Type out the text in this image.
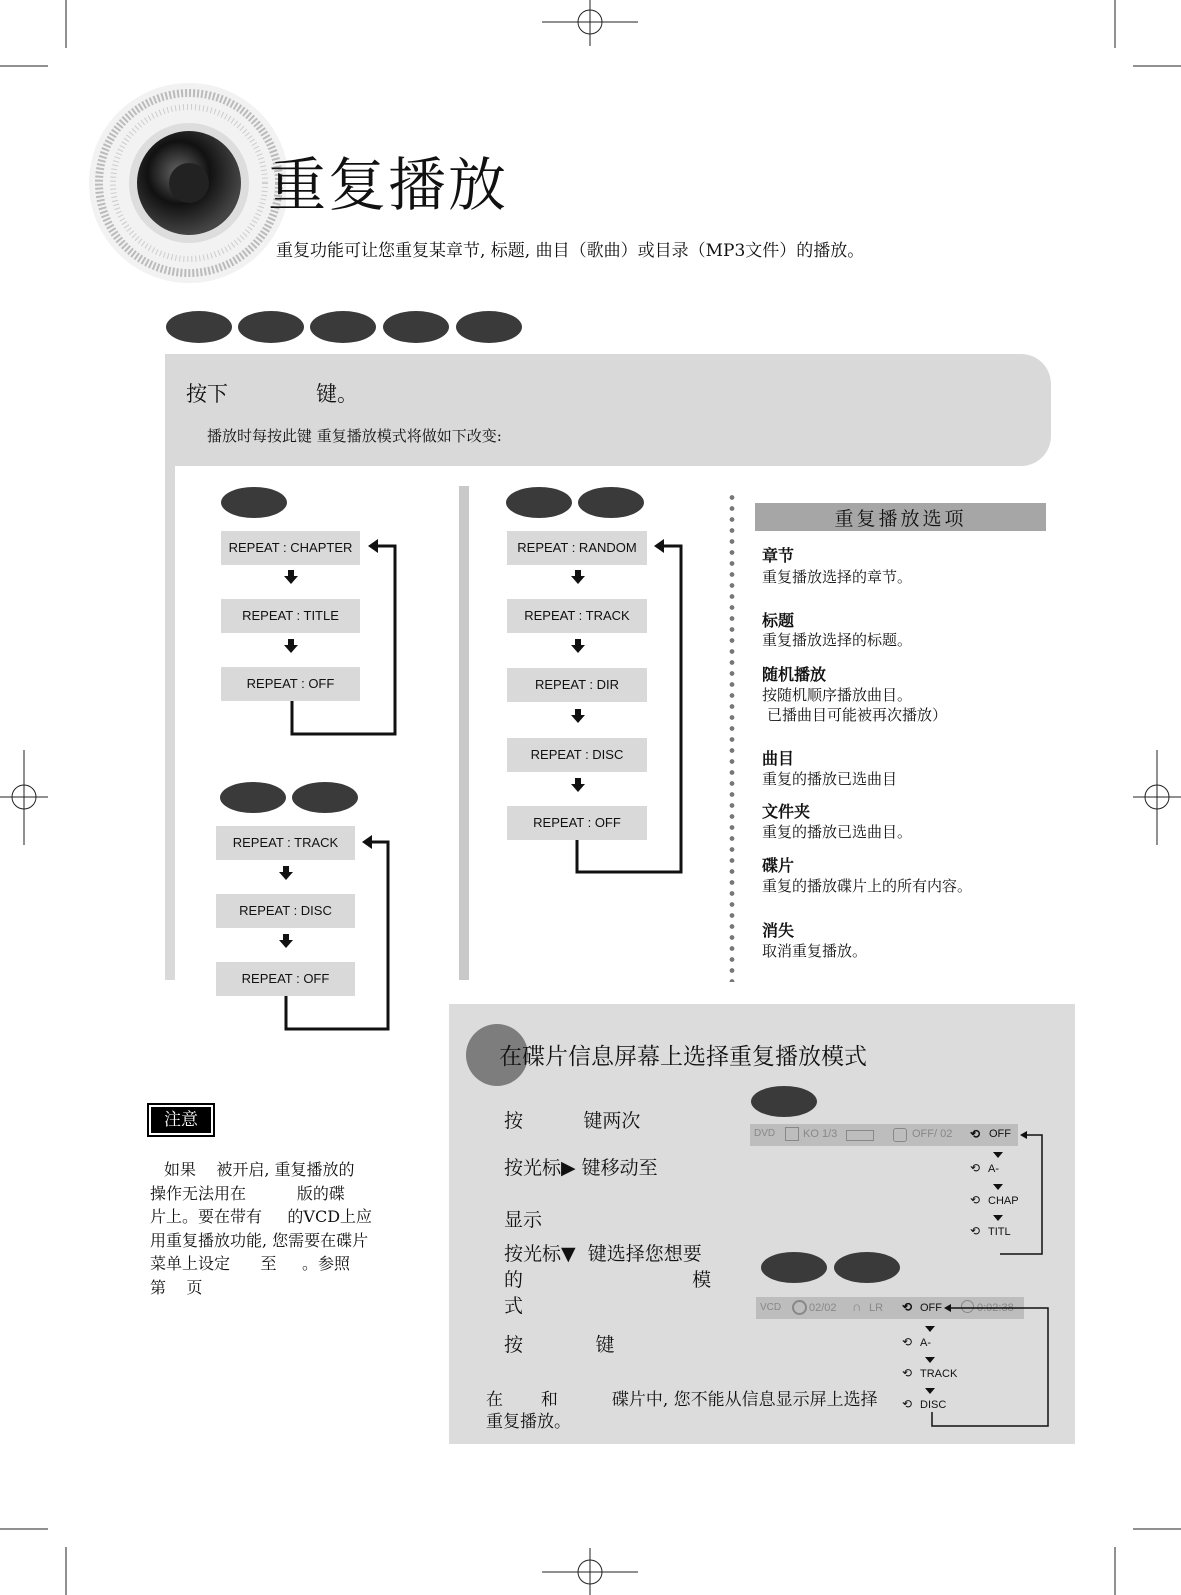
重复播放
重复功能可让您重复某章节, 标题, 曲目（歌曲）或目录（MP3文件）的播放。
按下	键。
播放时每按此键 重复播放模式将做如下改变:
REPEAT : CHAPTER
REPEAT : TITLE
REPEAT : OFF
REPEAT : TRACK
REPEAT : DISC
REPEAT : OFF
REPEAT : RANDOM
REPEAT : TRACK
REPEAT : DIR
REPEAT : DISC
REPEAT : OFF
重复播放选项
章节
重复播放选择的章节。
标题
重复播放选择的标题。
随机播放
按随机顺序播放曲目。
已播曲目可能被再次播放）
曲目
重复的播放已选曲目
文件夹
重复的播放已选曲目。
碟片
重复的播放碟片上的所有内容。
消失
取消重复播放。
注意
如果    被开启, 重复播放的
操作无法用在          版的碟
片上。要在带有     的VCD上应
用重复播放功能, 您需要在碟片
菜单上设定      至     。参照
第    页
在碟片信息屏幕上选择重复播放模式
按          键两次
按光标▶ 键移动至
显示
按光标▼  键选择您想要
的                            模
式
按            键
在       和          碟片中, 您不能从信息显示屏上选择
重复播放。
DVD	KO 1/3	OFF/ 02 ⟲ OFF
⟲ A-
⟲ CHAP
⟲ TITL
VCD	02/02 ∩ LR ⟲ OFF	0:02:38
⟲ A-
⟲ TRACK
⟲ DISC
